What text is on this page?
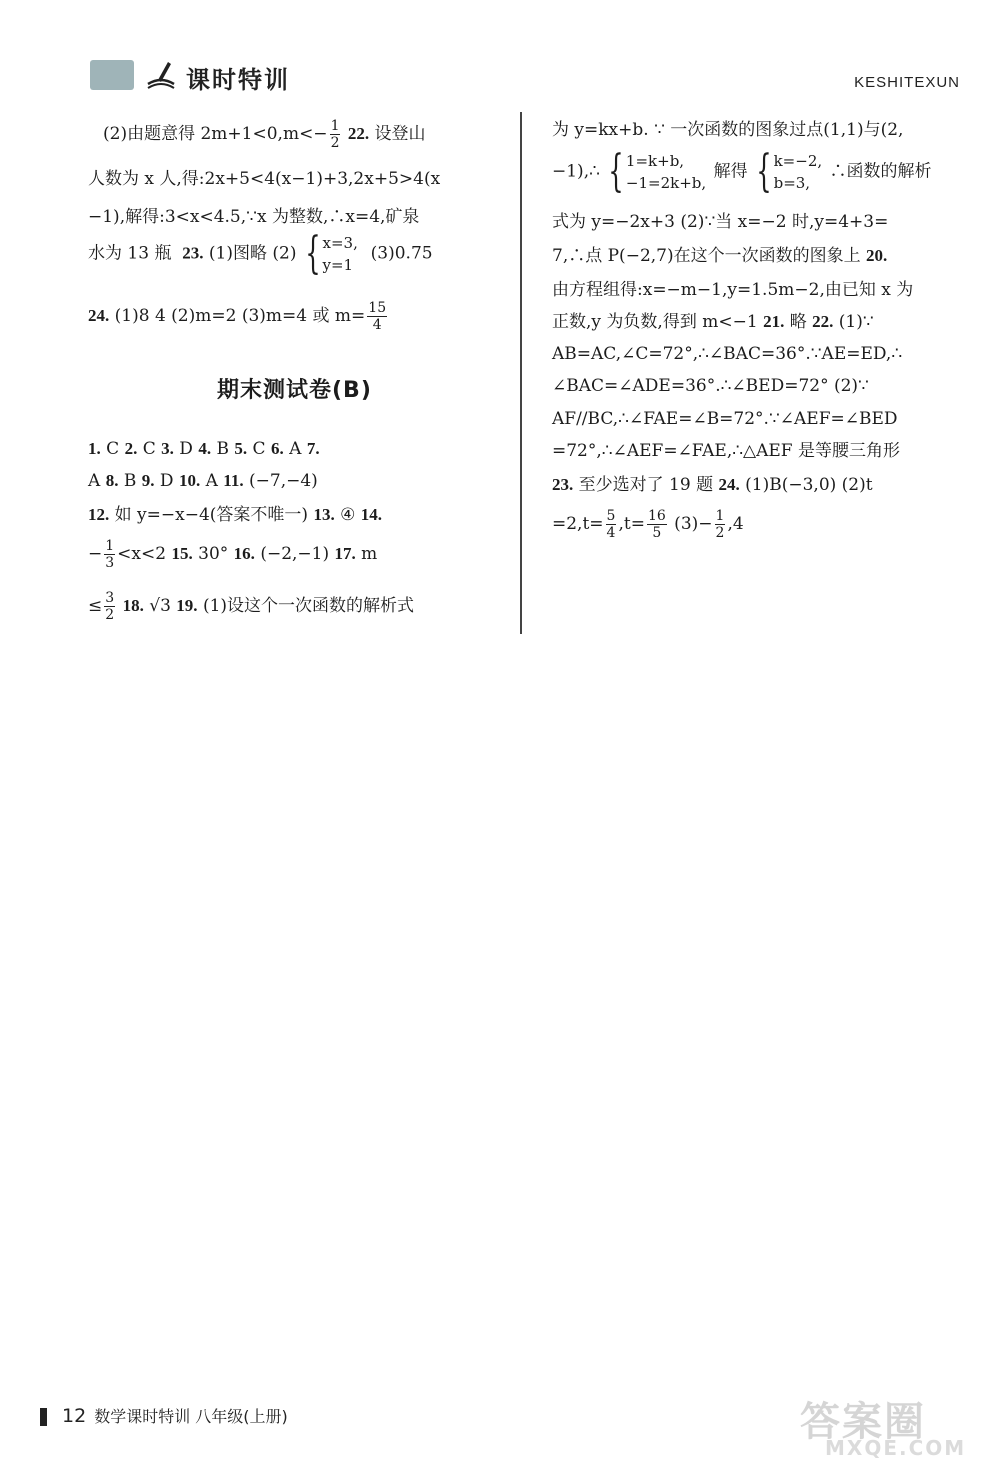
课时特训	KESHITEXUN
(2)由题意得 $2m+1<0,m<- \frac{1}{2} 22$. 设登山
人数为 x 人,得:2x+5<4(x−1)+3,2x+5>4(x
−1),解得:3<x<4.5,∵x 为整数,∴x=4,矿泉
水为 13 瓶 23. (1)图略 (2) { x=3,
y=1
(3)0.75
24. (1)8 4 (2)m=2 (3)m=4 或 $m= \frac{15}{4}$
期末测试卷(B)
1. C 2. C 3. D 4. B 5. C 6. A 7.
A 8. B 9. D 10. A 11. (−7,−4)
12. 如 y=−x−4(答案不唯一) 13. ④ 14.
− $\frac{1}{3} <x<2$ 15. 30° 16. (−2,−1) 17. m
≤ $\frac{3}{2} 18$. √3 19. (1)设这个一次函数的解析式
为 y=kx+b. ∵ 一次函数的图象过点(1,1)与(2,
−1),∴ { 1=k+b,
−1=2k+b,
解得 { k=−2,
b=3,
∴函数的解析
式为 y=−2x+3 (2)∵当 x=−2 时,y=4+3=
7,∴点 P(−2,7)在这个一次函数的图象上 20.
由方程组得:x=−m−1,y=1.5m−2,由已知 x 为
正数,y 为负数,得到 m<−1 21. 略 22. (1)∵
AB=AC,∠C=72°,∴∠BAC=36°.∵AE=ED,∴
∠BAC=∠ADE=36°.∴∠BED=72° (2)∵
AF//BC,∴∠FAE=∠B=72°.∵∠AEF=∠BED
=72°,∴∠AEF=∠FAE,∴△AEF 是等腰三角形
23. 至少选对了 19 题 24. (1)B(−3,0) (2)t
$=2,t= \frac{5}{4} ,t= \frac{16}{5} (3)- \frac{1}{2} ,4$
12 数学课时特训 八年级(上册)	答案圈
MXQE.COM
